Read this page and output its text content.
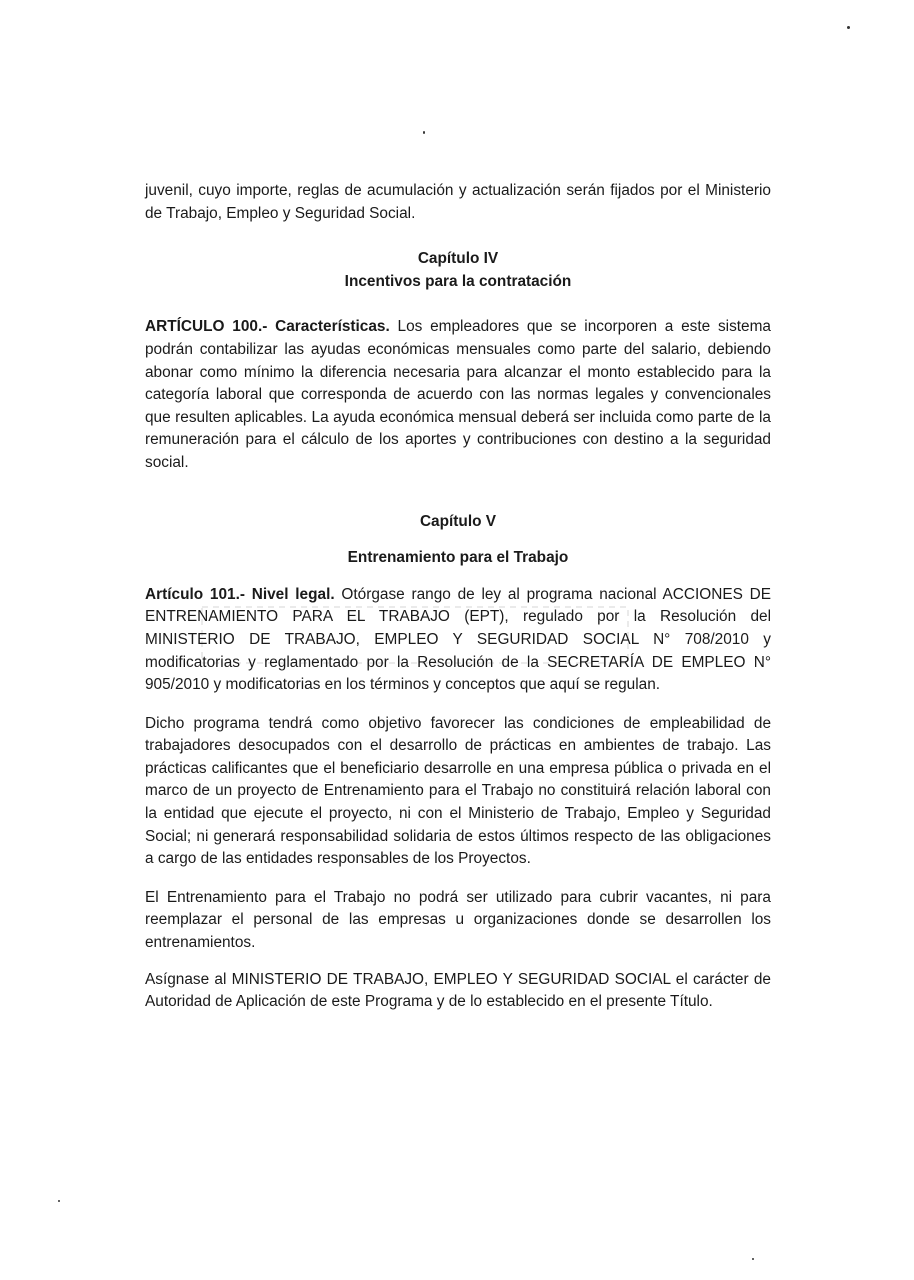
juvenil, cuyo importe, reglas de acumulación y actualización serán fijados por el Ministerio de Trabajo, Empleo y Seguridad Social.

Capítulo IV

Incentivos para la contratación

ARTÍCULO 100.- Características. Los empleadores que se incorporen a este sistema podrán contabilizar las ayudas económicas mensuales como parte del salario, debiendo abonar como mínimo la diferencia necesaria para alcanzar el monto establecido para la categoría laboral que corresponda de acuerdo con las normas legales y convencionales que resulten aplicables. La ayuda económica mensual deberá ser incluida como parte de la remuneración para el cálculo de los aportes y contribuciones con destino a la seguridad social.

Capítulo V

Entrenamiento para el Trabajo

Artículo 101.- Nivel legal. Otórgase rango de ley al programa nacional ACCIONES DE ENTRENAMIENTO PARA EL TRABAJO (EPT), regulado por la Resolución del MINISTERIO DE TRABAJO, EMPLEO Y SEGURIDAD SOCIAL N° 708/2010 y modificatorias y reglamentado por la Resolución de la SECRETARÍA DE EMPLEO N° 905/2010 y modificatorias en los términos y conceptos que aquí se regulan.

Dicho programa tendrá como objetivo favorecer las condiciones de empleabilidad de trabajadores desocupados con el desarrollo de prácticas en ambientes de trabajo. Las prácticas calificantes que el beneficiario desarrolle en una empresa pública o privada en el marco de un proyecto de Entrenamiento para el Trabajo no constituirá relación laboral con la entidad que ejecute el proyecto, ni con el Ministerio de Trabajo, Empleo y Seguridad Social; ni generará responsabilidad solidaria de estos últimos respecto de las obligaciones a cargo de las entidades responsables de los Proyectos.

El Entrenamiento para el Trabajo no podrá ser utilizado para cubrir vacantes, ni para reemplazar el personal de las empresas u organizaciones donde se desarrollen los entrenamientos.

Asígnase al MINISTERIO DE TRABAJO, EMPLEO Y SEGURIDAD SOCIAL el carácter de Autoridad de Aplicación de este Programa y de lo establecido en el presente Título.
